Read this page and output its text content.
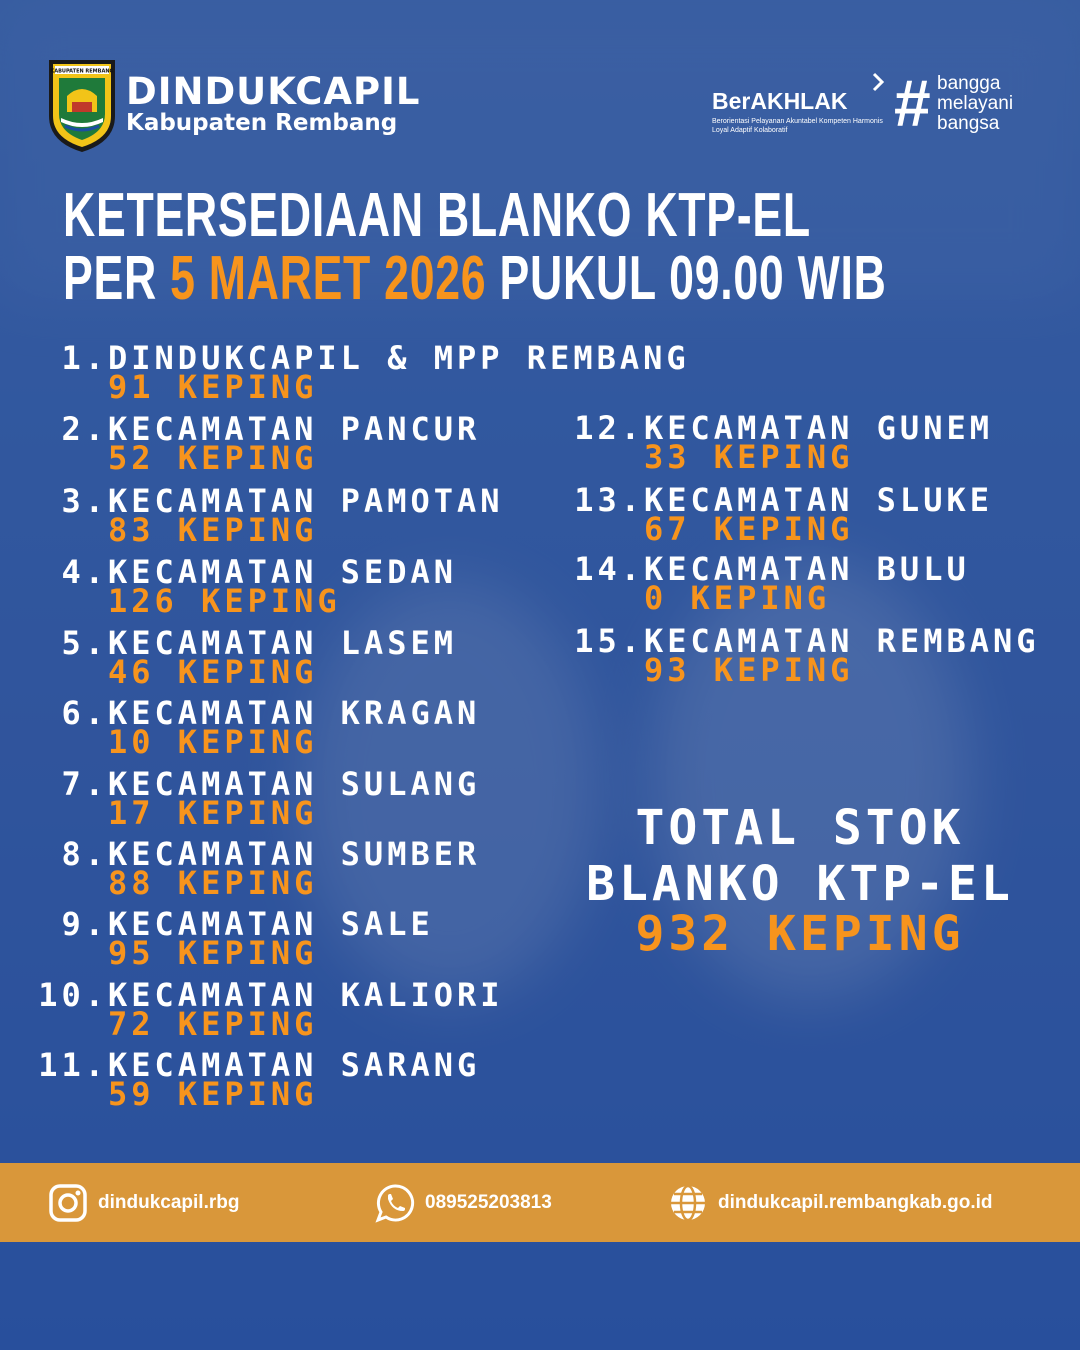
KABUPATEN REMBANG DINDUKCAPIL
Kabupaten Rembang
BerAKHLAK
Berorientasi Pelayanan Akuntabel Kompeten Harmonis Loyal Adaptif Kolaboratif	# bangga
melayani
bangsa
KETERSEDIAAN BLANKO KTP-EL
PER 5 MARET 2026 PUKUL 09.00 WIB
1. DINDUKCAPIL & MPP REMBANG
91 KEPING
2. KECAMATAN PANCUR
52 KEPING
3. KECAMATAN PAMOTAN
83 KEPING
4. KECAMATAN SEDAN
126 KEPING
5. KECAMATAN LASEM
46 KEPING
6. KECAMATAN KRAGAN
10 KEPING
7. KECAMATAN SULANG
17 KEPING
8. KECAMATAN SUMBER
88 KEPING
9. KECAMATAN SALE
95 KEPING
10. KECAMATAN KALIORI
72 KEPING
11. KECAMATAN SARANG
59 KEPING
12. KECAMATAN GUNEM
33 KEPING
13. KECAMATAN SLUKE
67 KEPING
14. KECAMATAN BULU
0 KEPING
15. KECAMATAN REMBANG
93 KEPING
TOTAL STOK
BLANKO KTP-EL
932 KEPING
dindukcapil.rbg	089525203813	dindukcapil.rembangkab.go.id
